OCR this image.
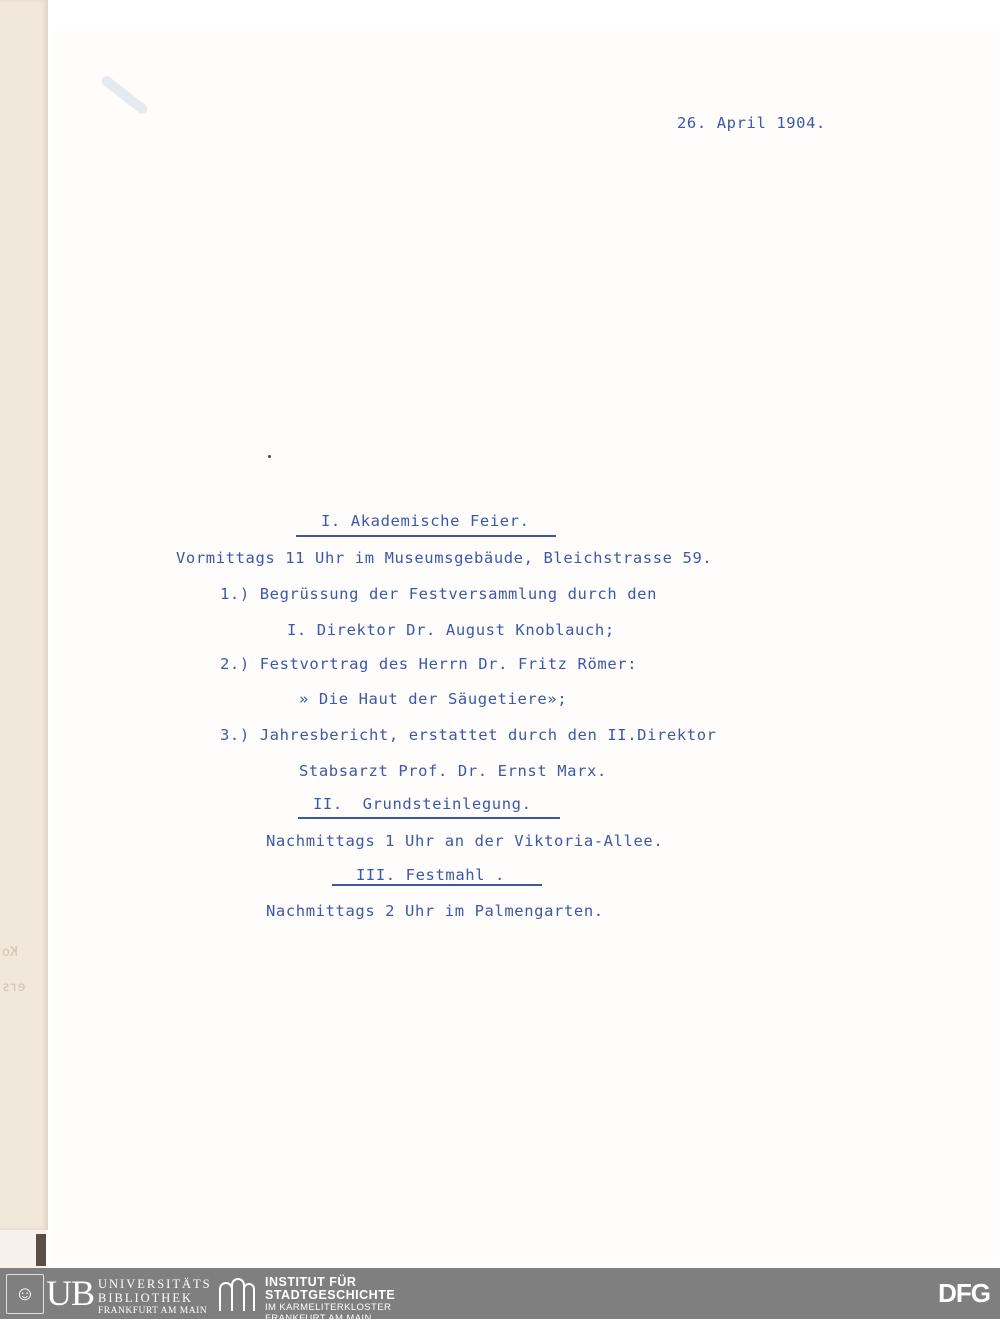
Ko
ers
26. April 1904.
I. Akademische Feier.
Vormittags 11 Uhr im Museumsgebäude, Bleichstrasse 59.
1.) Begrüssung der Festversammlung durch den
I. Direktor Dr. August Knoblauch;
2.) Festvortrag des Herrn Dr. Fritz Römer:
» Die Haut der Säugetiere»;
3.) Jahresbericht, erstattet durch den II.Direktor
Stabsarzt Prof. Dr. Ernst Marx.
II.  Grundsteinlegung.
Nachmittags 1 Uhr an der Viktoria-Allee.
III. Festmahl .
Nachmittags 2 Uhr im Palmengarten.
☺ UB UNIVERSITÄTS
BIBLIOTHEK
FRANKFURT AM MAIN
INSTITUT FÜR
STADTGESCHICHTE
IM KARMELITERKLOSTER
FRANKFURT AM MAIN
DFG
